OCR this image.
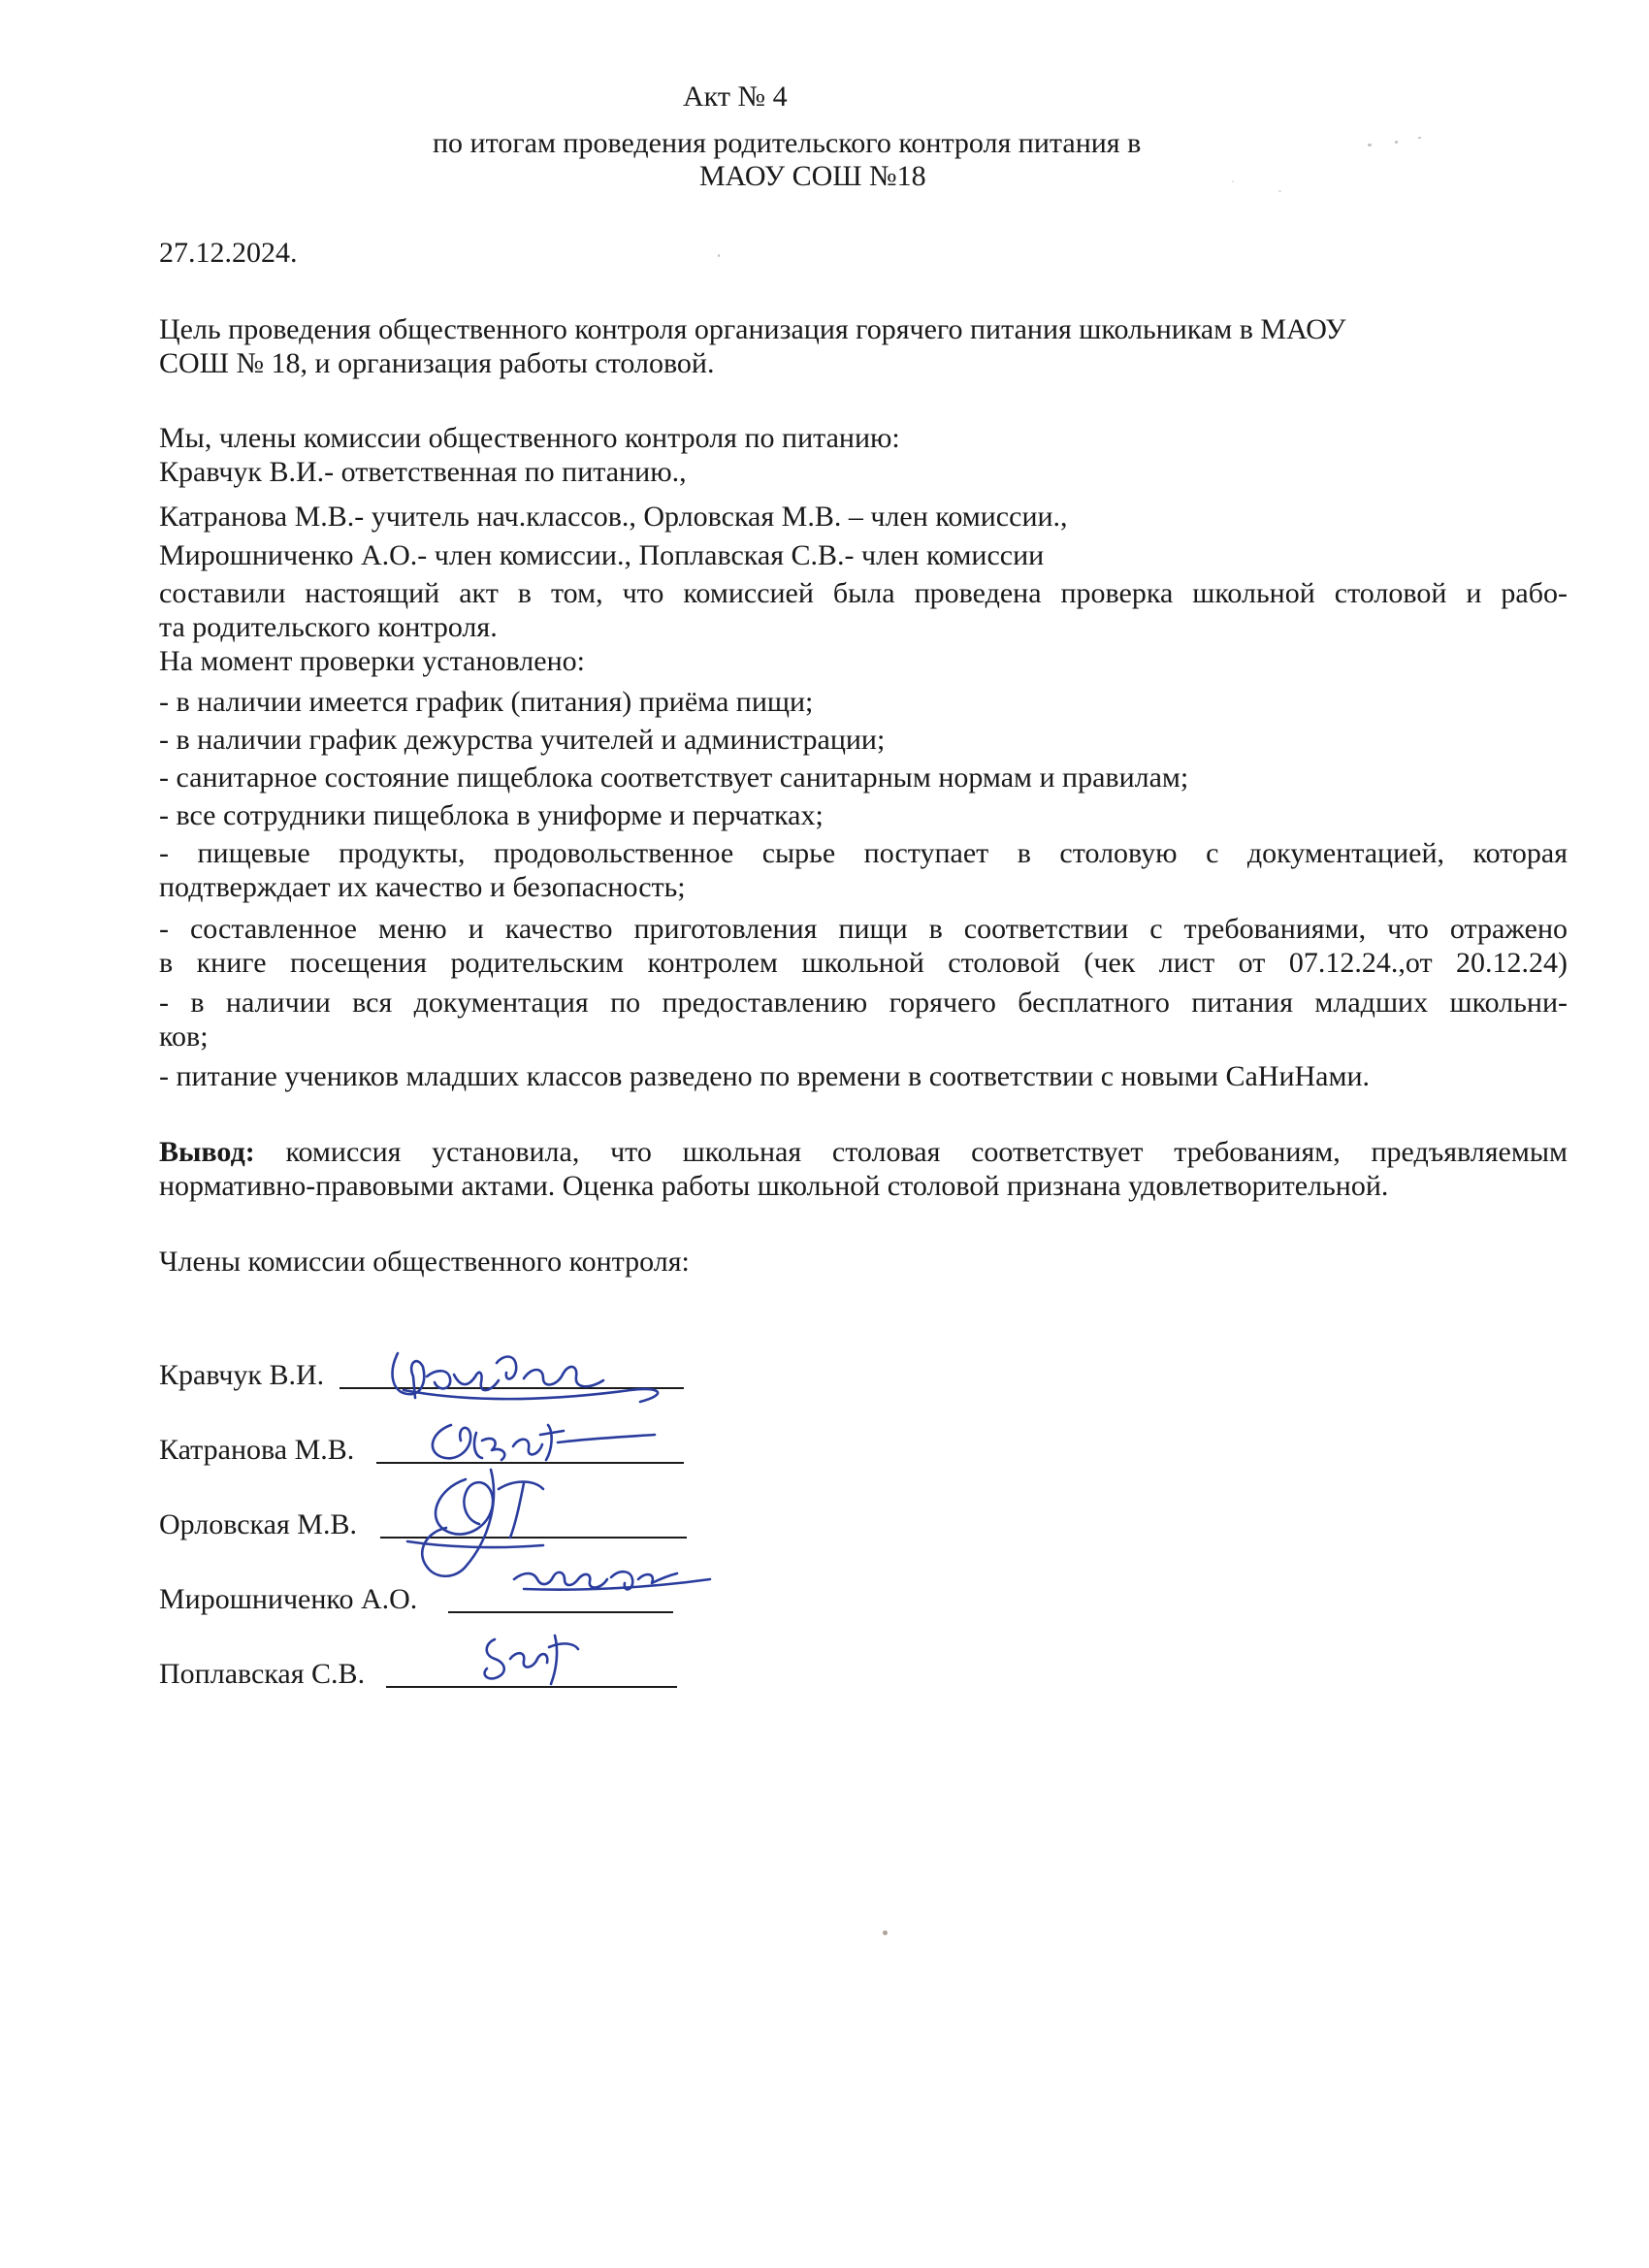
Акт № 4

по итогам проведения родительского контроля питания в

МАОУ СОШ №18

27.12.2024.

Цель проведения общественного контроля организация горячего питания школьникам в МАОУ

СОШ № 18, и организация работы столовой.

Мы, члены комиссии общественного контроля по питанию:

Кравчук В.И.- ответственная по питанию.,

Катранова М.В.- учитель нач.классов., Орловская М.В. – член комиссии.,

Мирошниченко А.О.- член комиссии., Поплавская С.В.- член комиссии

составили настоящий акт в том, что комиссией была проведена проверка школьной столовой и рабо-

та родительского контроля.

На момент проверки установлено:

- в наличии имеется график (питания) приёма пищи;

- в наличии график дежурства учителей и администрации;

- санитарное состояние пищеблока соответствует санитарным нормам и правилам;

- все сотрудники пищеблока в униформе и перчатках;

- пищевые продукты, продовольственное сырье поступает в столовую с документацией, которая

подтверждает их качество и безопасность;

- составленное меню и качество приготовления пищи в соответствии с требованиями, что отражено

в книге посещения родительским контролем школьной столовой (чек лист от 07.12.24.,от 20.12.24)

- в наличии вся документация по предоставлению горячего бесплатного питания младших школьни-

ков;

- питание учеников младших классов разведено по времени в соответствии с новыми СаНиНами.

Вывод: комиссия установила, что школьная столовая соответствует требованиям, предъявляемым

нормативно-правовыми актами. Оценка работы школьной столовой признана удовлетворительной.

Члены комиссии общественного контроля:

Кравчук В.И.
Катранова М.В.
Орловская М.В.
Мирошниченко А.О.
Поплавская С.В.
